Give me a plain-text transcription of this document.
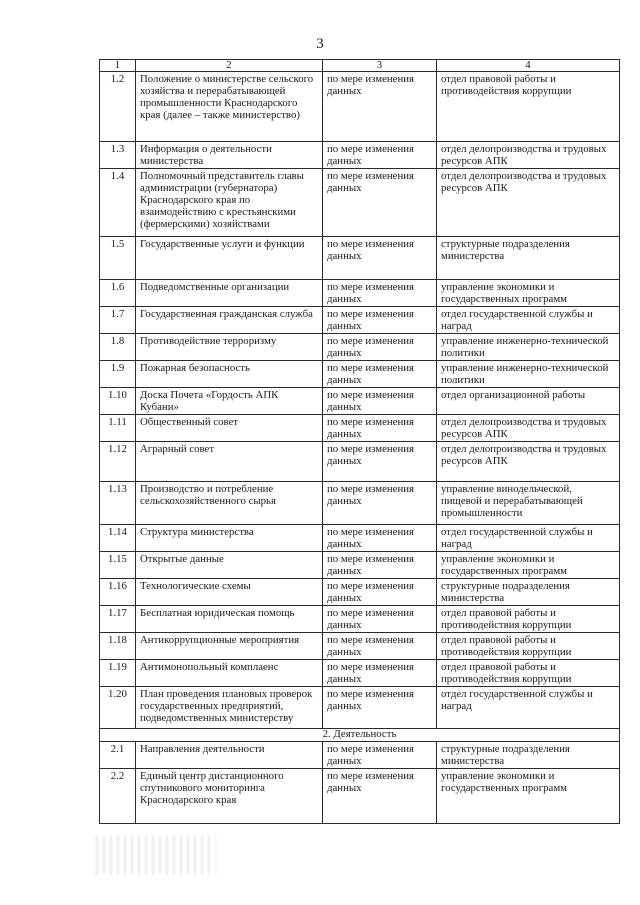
3
1	2	3	4
1.2	Положение о министерстве сельского хозяйства и перерабатывающей промышленности Краснодарского края (далее – также министерство)	по мере изменения данных	отдел правовой работы и противодействия коррупции
1.3	Информация о деятельности министерства	по мере изменения данных	отдел делопроизводства и трудовых ресурсов АПК
1.4	Полномочный представитель главы администрации (губернатора) Краснодарского края по взаимодействию с крестьянскими (фермерскими) хозяйствами	по мере изменения данных	отдел делопроизводства и трудовых ресурсов АПК
1.5	Государственные услуги и функции	по мере изменения данных	структурные подразделения министерства
1.6	Подведомственные организации	по мере изменения данных	управление экономики и государственных программ
1.7	Государственная гражданская служба	по мере изменения данных	отдел государственной службы и наград
1.8	Противодействие терроризму	по мере изменения данных	управление инженерно-технической политики
1.9	Пожарная безопасность	по мере изменения данных	управление инженерно-технической политики
1.10	Доска Почета «Гордость АПК Кубани»	по мере изменения данных	отдел организационной работы
1.11	Общественный совет	по мере изменения данных	отдел делопроизводства и трудовых ресурсов АПК
1.12	Аграрный совет	по мере изменения данных	отдел делопроизводства и трудовых ресурсов АПК
1.13	Производство и потребление сельскохозяйственного сырья	по мере изменения данных	управление винодельческой, пищевой и перерабатывающей промышленности
1.14	Структура министерства	по мере изменения данных	отдел государственной службы и наград
1.15	Открытые данные	по мере изменения данных	управление экономики и государственных программ
1.16	Технологические схемы	по мере изменения данных	структурные подразделения министерства
1.17	Бесплатная юридическая помощь	по мере изменения данных	отдел правовой работы и противодействия коррупции
1.18	Антикоррупционные мероприятия	по мере изменения данных	отдел правовой работы и противодействия коррупции
1.19	Антимонопольный комплаенс	по мере изменения данных	отдел правовой работы и противодействия коррупции
1.20	План проведения плановых проверок государственных предприятий, подведомственных министерству	по мере изменения данных	отдел государственной службы и наград
2. Деятельность			
2.1	Направления деятельности	по мере изменения данных	структурные подразделения министерства
2.2	Единый центр дистанционного спутникового мониторинга Краснодарского края	по мере изменения данных	управление экономики и государственных программ
